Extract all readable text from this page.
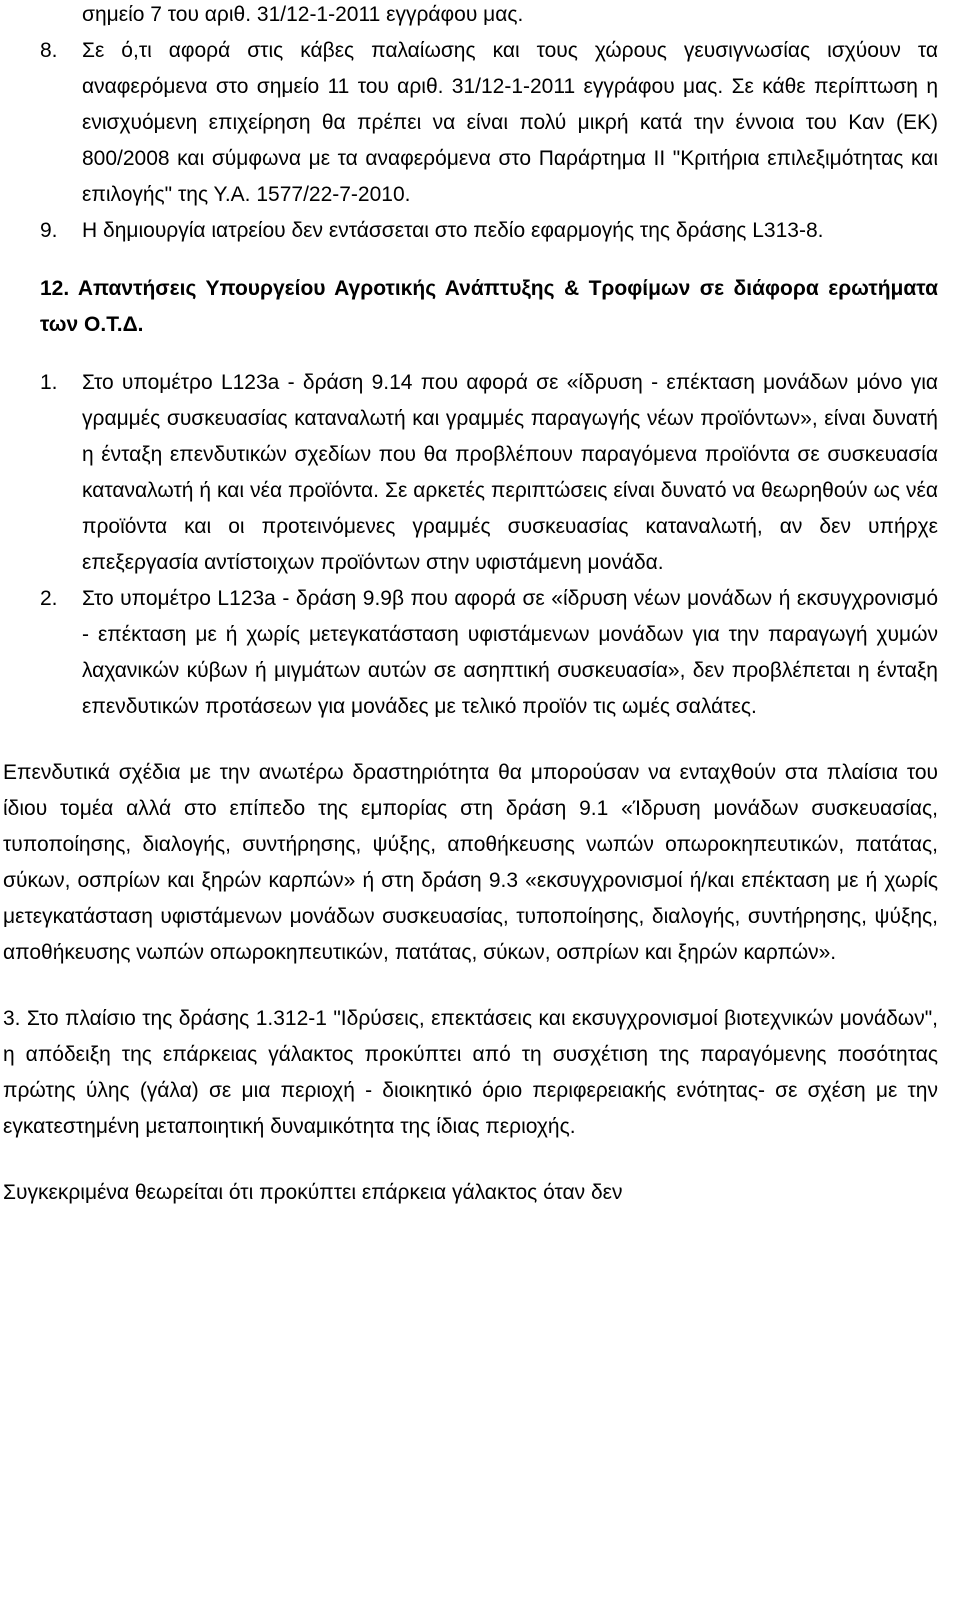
σημείο 7 του αριθ. 31/12-1-2011 εγγράφου μας.
8. Σε ό,τι αφορά στις κάβες παλαίωσης και τους χώρους γευσιγνωσίας ισχύουν τα αναφερόμενα στο σημείο 11 του αριθ. 31/12-1-2011 εγγράφου μας. Σε κάθε περίπτωση η ενισχυόμενη επιχείρηση θα πρέπει να είναι πολύ μικρή κατά την έννοια του Καν (ΕΚ) 800/2008 και σύμφωνα με τα αναφερόμενα στο Παράρτημα ΙΙ "Κριτήρια επιλεξιμότητας και επιλογής" της Υ.Α. 1577/22-7-2010.
9. Η δημιουργία ιατρείου δεν εντάσσεται στο πεδίο εφαρμογής της δράσης L313-8.
12. Απαντήσεις Υπουργείου Αγροτικής Ανάπτυξης & Τροφίμων σε διάφορα ερωτήματα των Ο.Τ.Δ.
1. Στο υπομέτρο L123a - δράση 9.14 που αφορά σε «ίδρυση - επέκταση μονάδων μόνο για γραμμές συσκευασίας καταναλωτή και γραμμές παραγωγής νέων προϊόντων», είναι δυνατή η ένταξη επενδυτικών σχεδίων που θα προβλέπουν παραγόμενα προϊόντα σε συσκευασία καταναλωτή ή και νέα προϊόντα. Σε αρκετές περιπτώσεις είναι δυνατό να θεωρηθούν ως νέα προϊόντα και οι προτεινόμενες γραμμές συσκευασίας καταναλωτή, αν δεν υπήρχε επεξεργασία αντίστοιχων προϊόντων στην υφιστάμενη μονάδα.
2. Στο υπομέτρο L123a - δράση 9.9β που αφορά σε «ίδρυση νέων μονάδων ή εκσυγχρονισμό - επέκταση με ή χωρίς μετεγκατάσταση υφιστάμενων μονάδων για την παραγωγή χυμών λαχανικών κύβων ή μιγμάτων αυτών σε ασηπτική συσκευασία», δεν προβλέπεται η ένταξη επενδυτικών προτάσεων για μονάδες με τελικό προϊόν τις ωμές σαλάτες.
Επενδυτικά σχέδια με την ανωτέρω δραστηριότητα θα μπορούσαν να ενταχθούν στα πλαίσια του ίδιου τομέα αλλά στο επίπεδο της εμπορίας στη δράση 9.1 «Ίδρυση μονάδων συσκευασίας, τυποποίησης, διαλογής, συντήρησης, ψύξης, αποθήκευσης νωπών οπωροκηπευτικών, πατάτας, σύκων, οσπρίων και ξηρών καρπών» ή στη δράση 9.3 «εκσυγχρονισμοί ή/και επέκταση με ή χωρίς μετεγκατάσταση υφιστάμενων μονάδων συσκευασίας, τυποποίησης, διαλογής, συντήρησης, ψύξης, αποθήκευσης νωπών οπωροκηπευτικών, πατάτας, σύκων, οσπρίων και ξηρών καρπών».
3. Στο πλαίσιο της δράσης 1.312-1 "Ιδρύσεις, επεκτάσεις και εκσυγχρονισμοί βιοτεχνικών μονάδων", η απόδειξη της επάρκειας γάλακτος προκύπτει από τη συσχέτιση της παραγόμενης ποσότητας πρώτης ύλης (γάλα) σε μια περιοχή - διοικητικό όριο περιφερειακής ενότητας- σε σχέση με την εγκατεστημένη μεταποιητική δυναμικότητα της ίδιας περιοχής.
Συγκεκριμένα θεωρείται ότι προκύπτει επάρκεια γάλακτος όταν δεν
